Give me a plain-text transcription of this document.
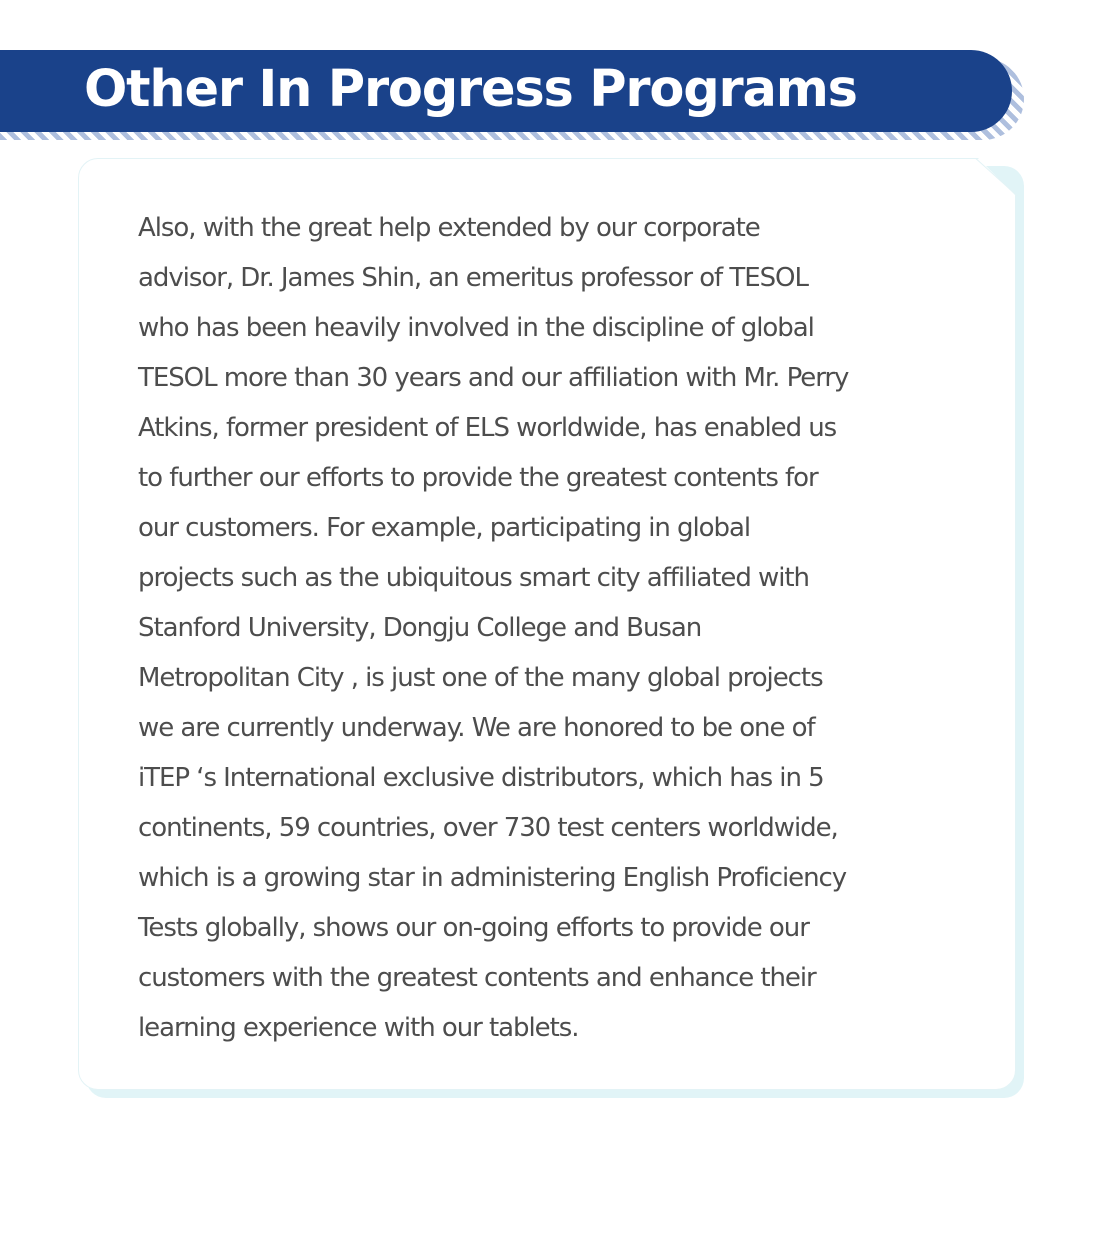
Other In Progress Programs

Also, with the great help extended by our corporate
advisor, Dr. James Shin, an emeritus professor of TESOL
who has been heavily involved in the discipline of global
TESOL more than 30 years and our affiliation with Mr. Perry
Atkins, former president of ELS worldwide, has enabled us
to further our efforts to provide the greatest contents for
our customers. For example, participating in global
projects such as the ubiquitous smart city affiliated with
Stanford University, Dongju College and Busan
Metropolitan City , is just one of the many global projects
we are currently underway. We are honored to be one of
iTEP ‘s International exclusive distributors, which has in 5
continents, 59 countries, over 730 test centers worldwide,
which is a growing star in administering English Proficiency
Tests globally, shows our on-going efforts to provide our
customers with the greatest contents and enhance their
learning experience with our tablets.
